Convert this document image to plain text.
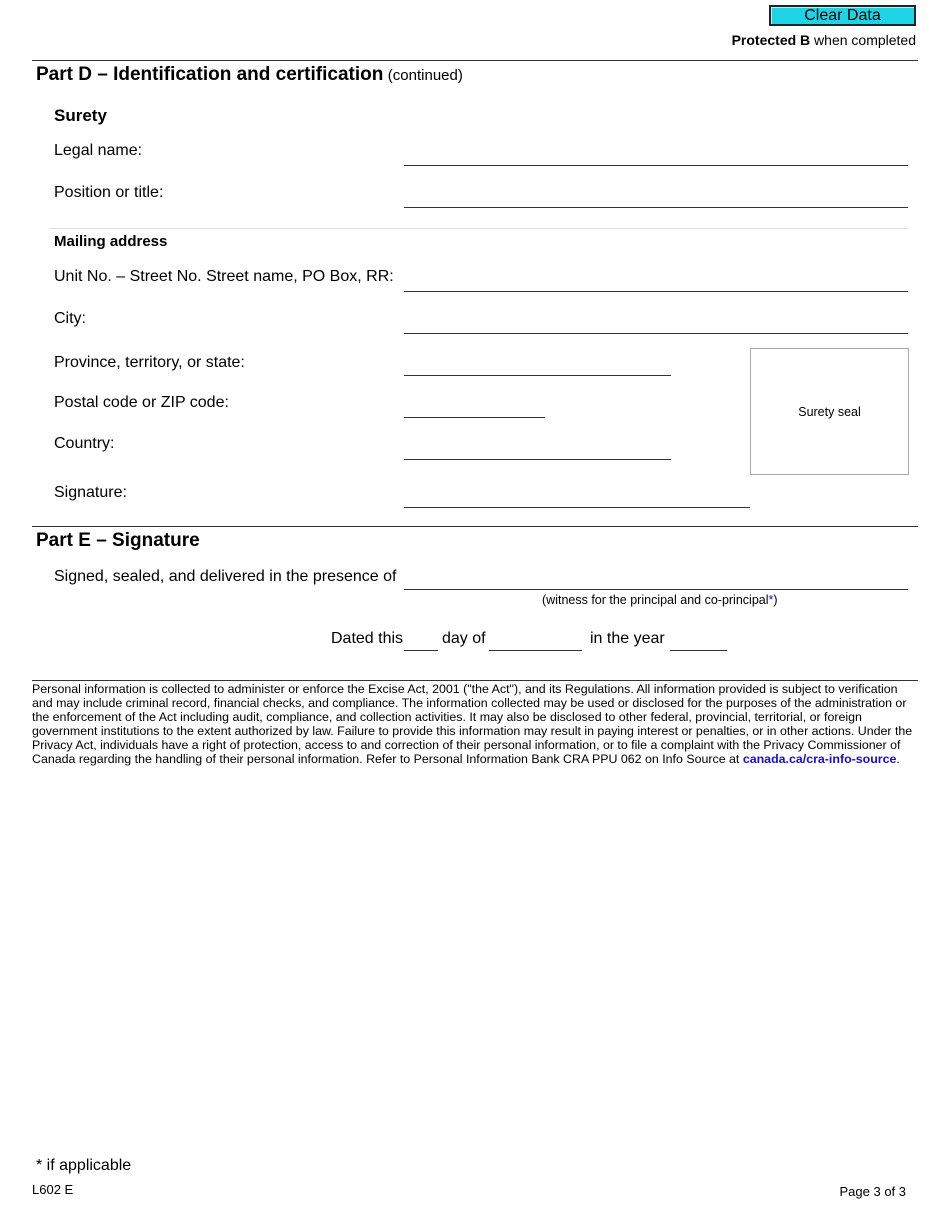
Clear Data
Protected B when completed
Part D – Identification and certification (continued)
Surety
Legal name:
Position or title:
Mailing address
Unit No. – Street No. Street name, PO Box, RR:
City:
Province, territory, or state:
Postal code or ZIP code:
Country:
Surety seal
Signature:
Part E – Signature
Signed, sealed, and delivered in the presence of
(witness for the principal and co-principal*)
Dated this day of	in the year
Personal information is collected to administer or enforce the Excise Act, 2001 ("the Act"), and its Regulations. All information provided is subject to verification and may include criminal record, financial checks, and compliance. The information collected may be used or disclosed for the purposes of the administration or the enforcement of the Act including audit, compliance, and collection activities. It may also be disclosed to other federal, provincial, territorial, or foreign government institutions to the extent authorized by law. Failure to provide this information may result in paying interest or penalties, or in other actions. Under the Privacy Act, individuals have a right of protection, access to and correction of their personal information, or to file a complaint with the Privacy Commissioner of Canada regarding the handling of their personal information. Refer to Personal Information Bank CRA PPU 062 on Info Source at canada.ca/cra-info-source.
* if applicable
L602 E	Page 3 of 3
